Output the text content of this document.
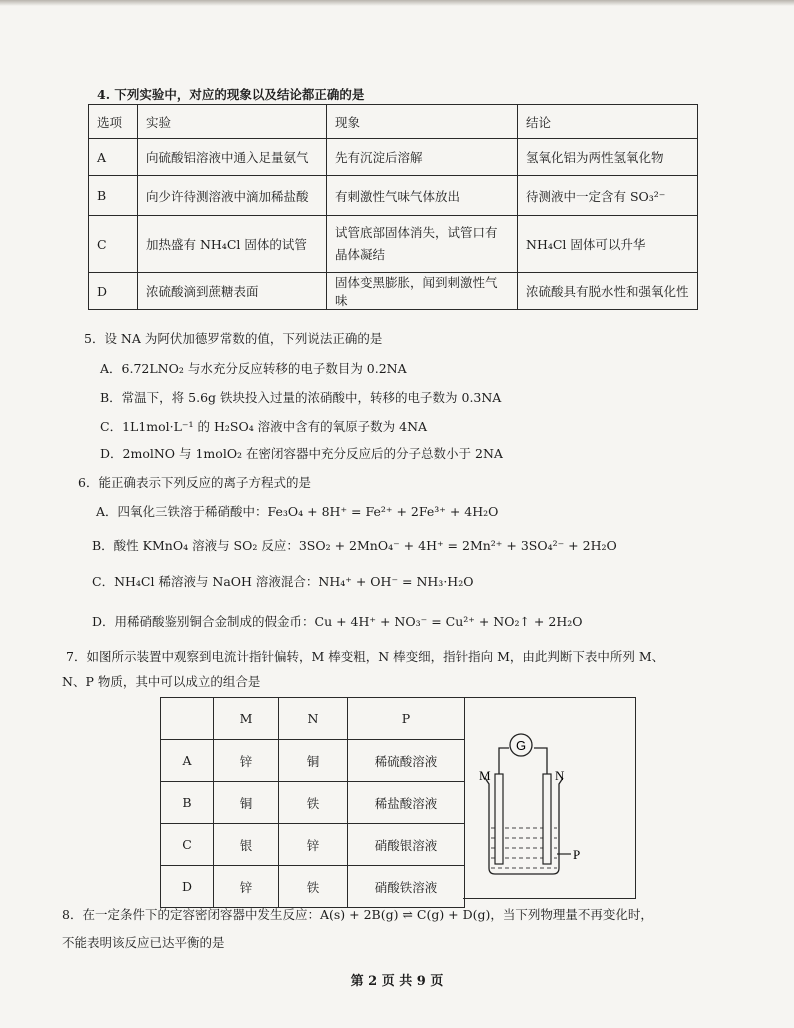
4. 下列实验中，对应的现象以及结论都正确的是
选项	实验	现象	结论
A	向硫酸铝溶液中通入足量氨气	先有沉淀后溶解	氢氧化铝为两性氢氧化物
B	向少许待测溶液中滴加稀盐酸	有刺激性气味气体放出	待测液中一定含有 SO₃²⁻
C	加热盛有 NH₄Cl 固体的试管	试管底部固体消失，试管口有晶体凝结	NH₄Cl 固体可以升华
D	浓硫酸滴到蔗糖表面	固体变黑膨胀，闻到刺激性气味	浓硫酸具有脱水性和强氧化性
5．设 NA 为阿伏加德罗常数的值，下列说法正确的是
A．6.72LNO₂ 与水充分反应转移的电子数目为 0.2NA
B．常温下，将 5.6g 铁块投入过量的浓硝酸中，转移的电子数为 0.3NA
C．1L1mol·L⁻¹ 的 H₂SO₄ 溶液中含有的氧原子数为 4NA
D．2molNO 与 1molO₂ 在密闭容器中充分反应后的分子总数小于 2NA
6．能正确表示下列反应的离子方程式的是
A．四氧化三铁溶于稀硝酸中：Fe₃O₄ + 8H⁺ = Fe²⁺ + 2Fe³⁺ + 4H₂O
B．酸性 KMnO₄ 溶液与 SO₂ 反应：3SO₂ + 2MnO₄⁻ + 4H⁺ = 2Mn²⁺ + 3SO₄²⁻ + 2H₂O
C．NH₄Cl 稀溶液与 NaOH 溶液混合：NH₄⁺ + OH⁻ = NH₃·H₂O
D．用稀硝酸鉴别铜合金制成的假金币：Cu + 4H⁺ + NO₃⁻ = Cu²⁺ + NO₂↑ + 2H₂O
7．如图所示装置中观察到电流计指针偏转，M 棒变粗，N 棒变细，指针指向 M，由此判断下表中所列 M、
N、P 物质，其中可以成立的组合是
	M	N	P
A	锌	铜	稀硫酸溶液
B	铜	铁	稀盐酸溶液
C	银	锌	硝酸银溶液
D	锌	铁	硝酸铁溶液
G
M	N
P
8．在一定条件下的定容密闭容器中发生反应：A(s) + 2B(g) ⇌ C(g) + D(g)，当下列物理量不再变化时，
不能表明该反应已达平衡的是
第 2 页 共 9 页
